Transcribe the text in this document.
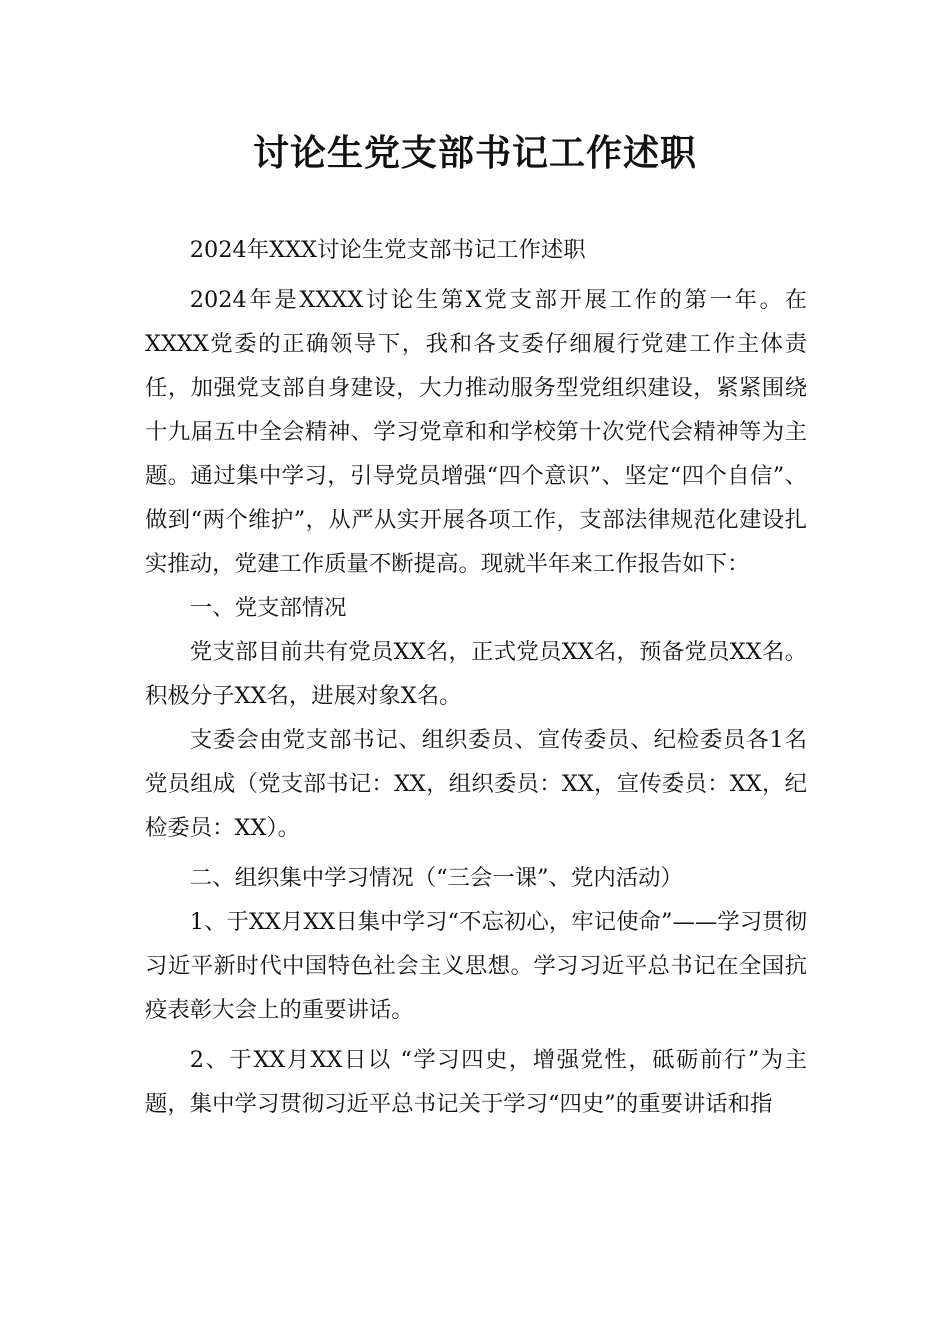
讨论生党支部书记工作述职

2024年XXX讨论生党支部书记工作述职

2024年是XXXX讨论生第X党支部开展工作的第一年。在XXXX党委的正确领导下，我和各支委仔细履行党建工作主体责任，加强党支部自身建设，大力推动服务型党组织建设，紧紧围绕十九届五中全会精神、学习党章和和学校第十次党代会精神等为主题。通过集中学习，引导党员增强“四个意识”、坚定“四个自信”、做到“两个维护”，从严从实开展各项工作，支部法律规范化建设扎实推动，党建工作质量不断提高。现就半年来工作报告如下：

一、党支部情况

党支部目前共有党员XX名，正式党员XX名，预备党员XX名。积极分子XX名，进展对象X名。

支委会由党支部书记、组织委员、宣传委员、纪检委员各1名党员组成（党支部书记：XX，组织委员：XX，宣传委员：XX，纪检委员：XX）。

二、组织集中学习情况（“三会一课”、党内活动）

1、于XX月XX日集中学习“不忘初心，牢记使命”——学习贯彻习近平新时代中国特色社会主义思想。学习习近平总书记在全国抗疫表彰大会上的重要讲话。

2、于XX月XX日以 “学习四史，增强党性，砥砺前行”为主题，集中学习贯彻习近平总书记关于学习“四史”的重要讲话和指
